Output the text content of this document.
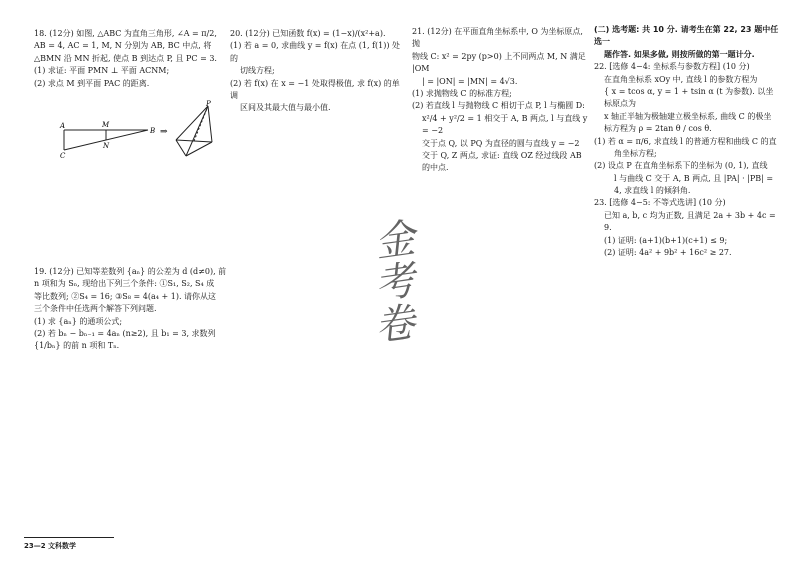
18. (12分) 如图, △ABC 为直角三角形, ∠A = π/2,

AB = 4, AC = 1, M, N 分别为 AB, BC 中点, 将

△BMN 沿 MN 折起, 使点 B 到达点 P, 且 PC = 3.

(1) 求证: 平面 PMN ⊥ 平面 ACNM;

(2) 求点 M 到平面 PAC 的距离.

A	M
B
C
N
⇒
P

19. (12分) 已知等差数列 {aₙ} 的公差为 d (d≠0), 前

n 项和为 Sₙ, 现给出下列三个条件: ①S₁, S₂, S₄ 成

等比数列; ②S₄ = 16; ③S₈ = 4(a₄ + 1). 请你从这

三个条件中任选两个解答下列问题.

(1) 求 {aₙ} 的通项公式;

(2) 若 bₙ − bₙ₋₁ = 4aₙ (n≥2), 且 b₁ = 3, 求数列

{1/bₙ} 的前 n 项和 Tₙ.

20. (12分) 已知函数 f(x) = (1−x)/(x²+a).

(1) 若 a = 0, 求曲线 y = f(x) 在点 (1, f(1)) 处的

切线方程;

(2) 若 f(x) 在 x = −1 处取得极值, 求 f(x) 的单调

区间及其最大值与最小值.

金
考
卷

21. (12分) 在平面直角坐标系中, O 为坐标原点, 抛

物线 C: x² = 2py (p>0) 上不同两点 M, N 满足 |OM

| = |ON| = |MN| = 4√3.

(1) 求抛物线 C 的标准方程;

(2) 若直线 l 与抛物线 C 相切于点 P, l 与椭圆 D:

x²/4 + y²/2 = 1 相交于 A, B 两点, l 与直线 y = −2

交于点 Q, 以 PQ 为直径的圆与直线 y = −2

交于 Q, Z 两点, 求证: 直线 OZ 经过线段 AB

的中点.

(二) 选考题: 共 10 分. 请考生在第 22, 23 题中任选一

题作答. 如果多做, 则按所做的第一题计分.

22. [选修 4−4: 坐标系与参数方程] (10 分)

在直角坐标系 xOy 中, 直线 l 的参数方程为

{ x = tcos α, y = 1 + tsin α (t 为参数). 以坐标原点为

x 轴正半轴为极轴建立极坐标系, 曲线 C 的极坐

标方程为 ρ = 2tan θ / cos θ.

(1) 若 α = π/6, 求直线 l 的普通方程和曲线 C 的直

角坐标方程;

(2) 设点 P 在直角坐标系下的坐标为 (0, 1), 直线

l 与曲线 C 交于 A, B 两点, 且 |PA| · |PB| =

4, 求直线 l 的倾斜角.

23. [选修 4−5: 不等式选讲] (10 分)

已知 a, b, c 均为正数, 且满足 2a + 3b + 4c = 9.

(1) 证明: (a+1)(b+1)(c+1) ≤ 9;

(2) 证明: 4a² + 9b² + 16c² ≥ 27.

23—2 文科数学
